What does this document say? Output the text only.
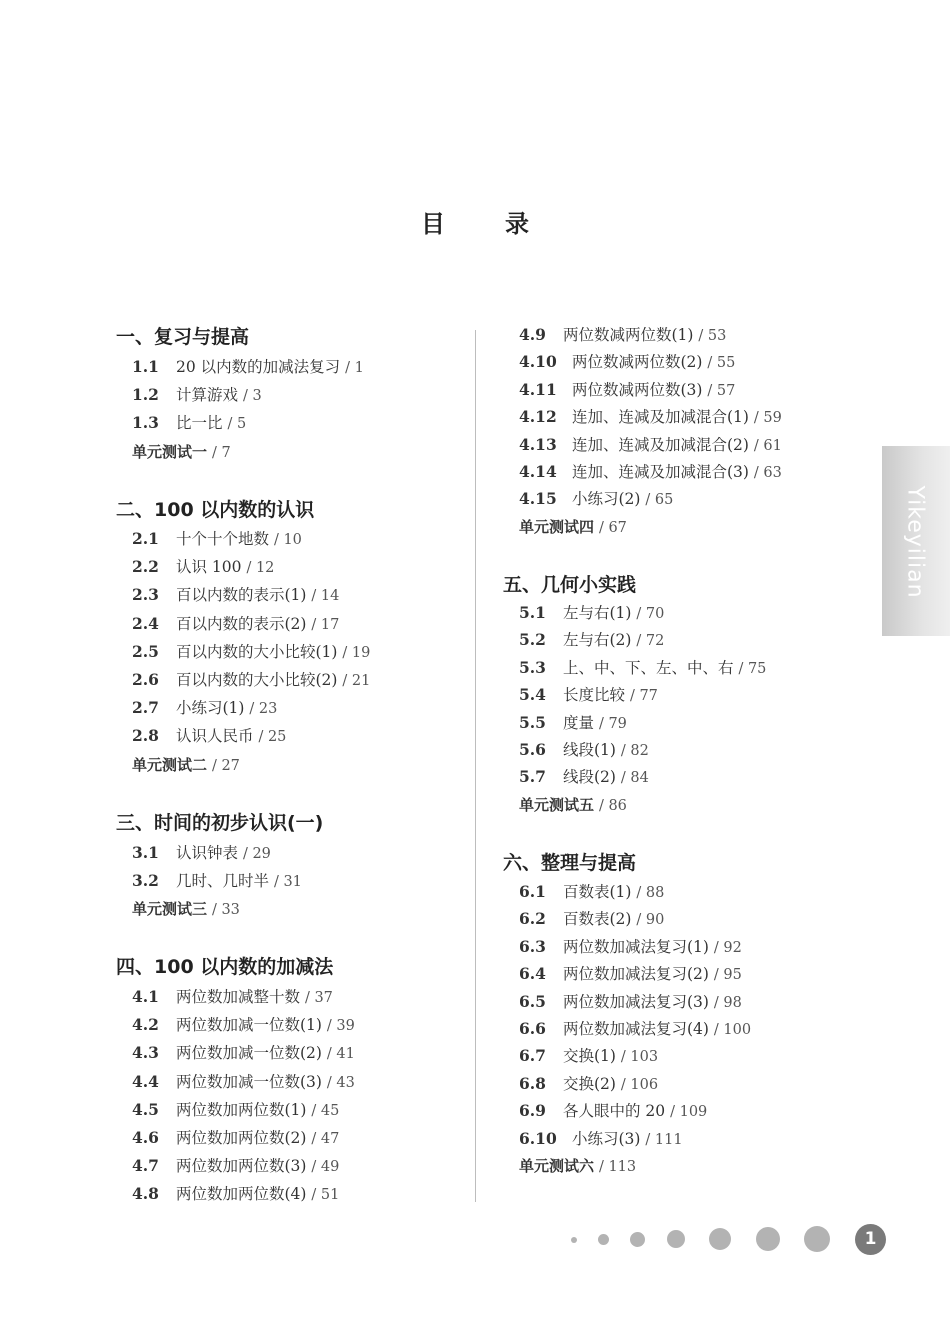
目　录
一、复习与提高
1.1 20 以内数的加减法复习 / 1
1.2 计算游戏 / 3
1.3 比一比 / 5
单元测试一 / 7
二、100 以内数的认识
2.1 十个十个地数 / 10
2.2 认识 100 / 12
2.3 百以内数的表示(1) / 14
2.4 百以内数的表示(2) / 17
2.5 百以内数的大小比较(1) / 19
2.6 百以内数的大小比较(2) / 21
2.7 小练习(1) / 23
2.8 认识人民币 / 25
单元测试二 / 27
三、时间的初步认识(一)
3.1 认识钟表 / 29
3.2 几时、几时半 / 31
单元测试三 / 33
四、100 以内数的加减法
4.1 两位数加减整十数 / 37
4.2 两位数加减一位数(1) / 39
4.3 两位数加减一位数(2) / 41
4.4 两位数加减一位数(3) / 43
4.5 两位数加两位数(1) / 45
4.6 两位数加两位数(2) / 47
4.7 两位数加两位数(3) / 49
4.8 两位数加两位数(4) / 51
4.9 两位数减两位数(1) / 53
4.10 两位数减两位数(2) / 55
4.11 两位数减两位数(3) / 57
4.12 连加、连减及加减混合(1) / 59
4.13 连加、连减及加减混合(2) / 61
4.14 连加、连减及加减混合(3) / 63
4.15 小练习(2) / 65
单元测试四 / 67
五、几何小实践
5.1 左与右(1) / 70
5.2 左与右(2) / 72
5.3 上、中、下、左、中、右 / 75
5.4 长度比较 / 77
5.5 度量 / 79
5.6 线段(1) / 82
5.7 线段(2) / 84
单元测试五 / 86
六、整理与提高
6.1 百数表(1) / 88
6.2 百数表(2) / 90
6.3 两位数加减法复习(1) / 92
6.4 两位数加减法复习(2) / 95
6.5 两位数加减法复习(3) / 98
6.6 两位数加减法复习(4) / 100
6.7 交换(1) / 103
6.8 交换(2) / 106
6.9 各人眼中的 20 / 109
6.10 小练习(3) / 111
单元测试六 / 113
Yikeyilian
1
